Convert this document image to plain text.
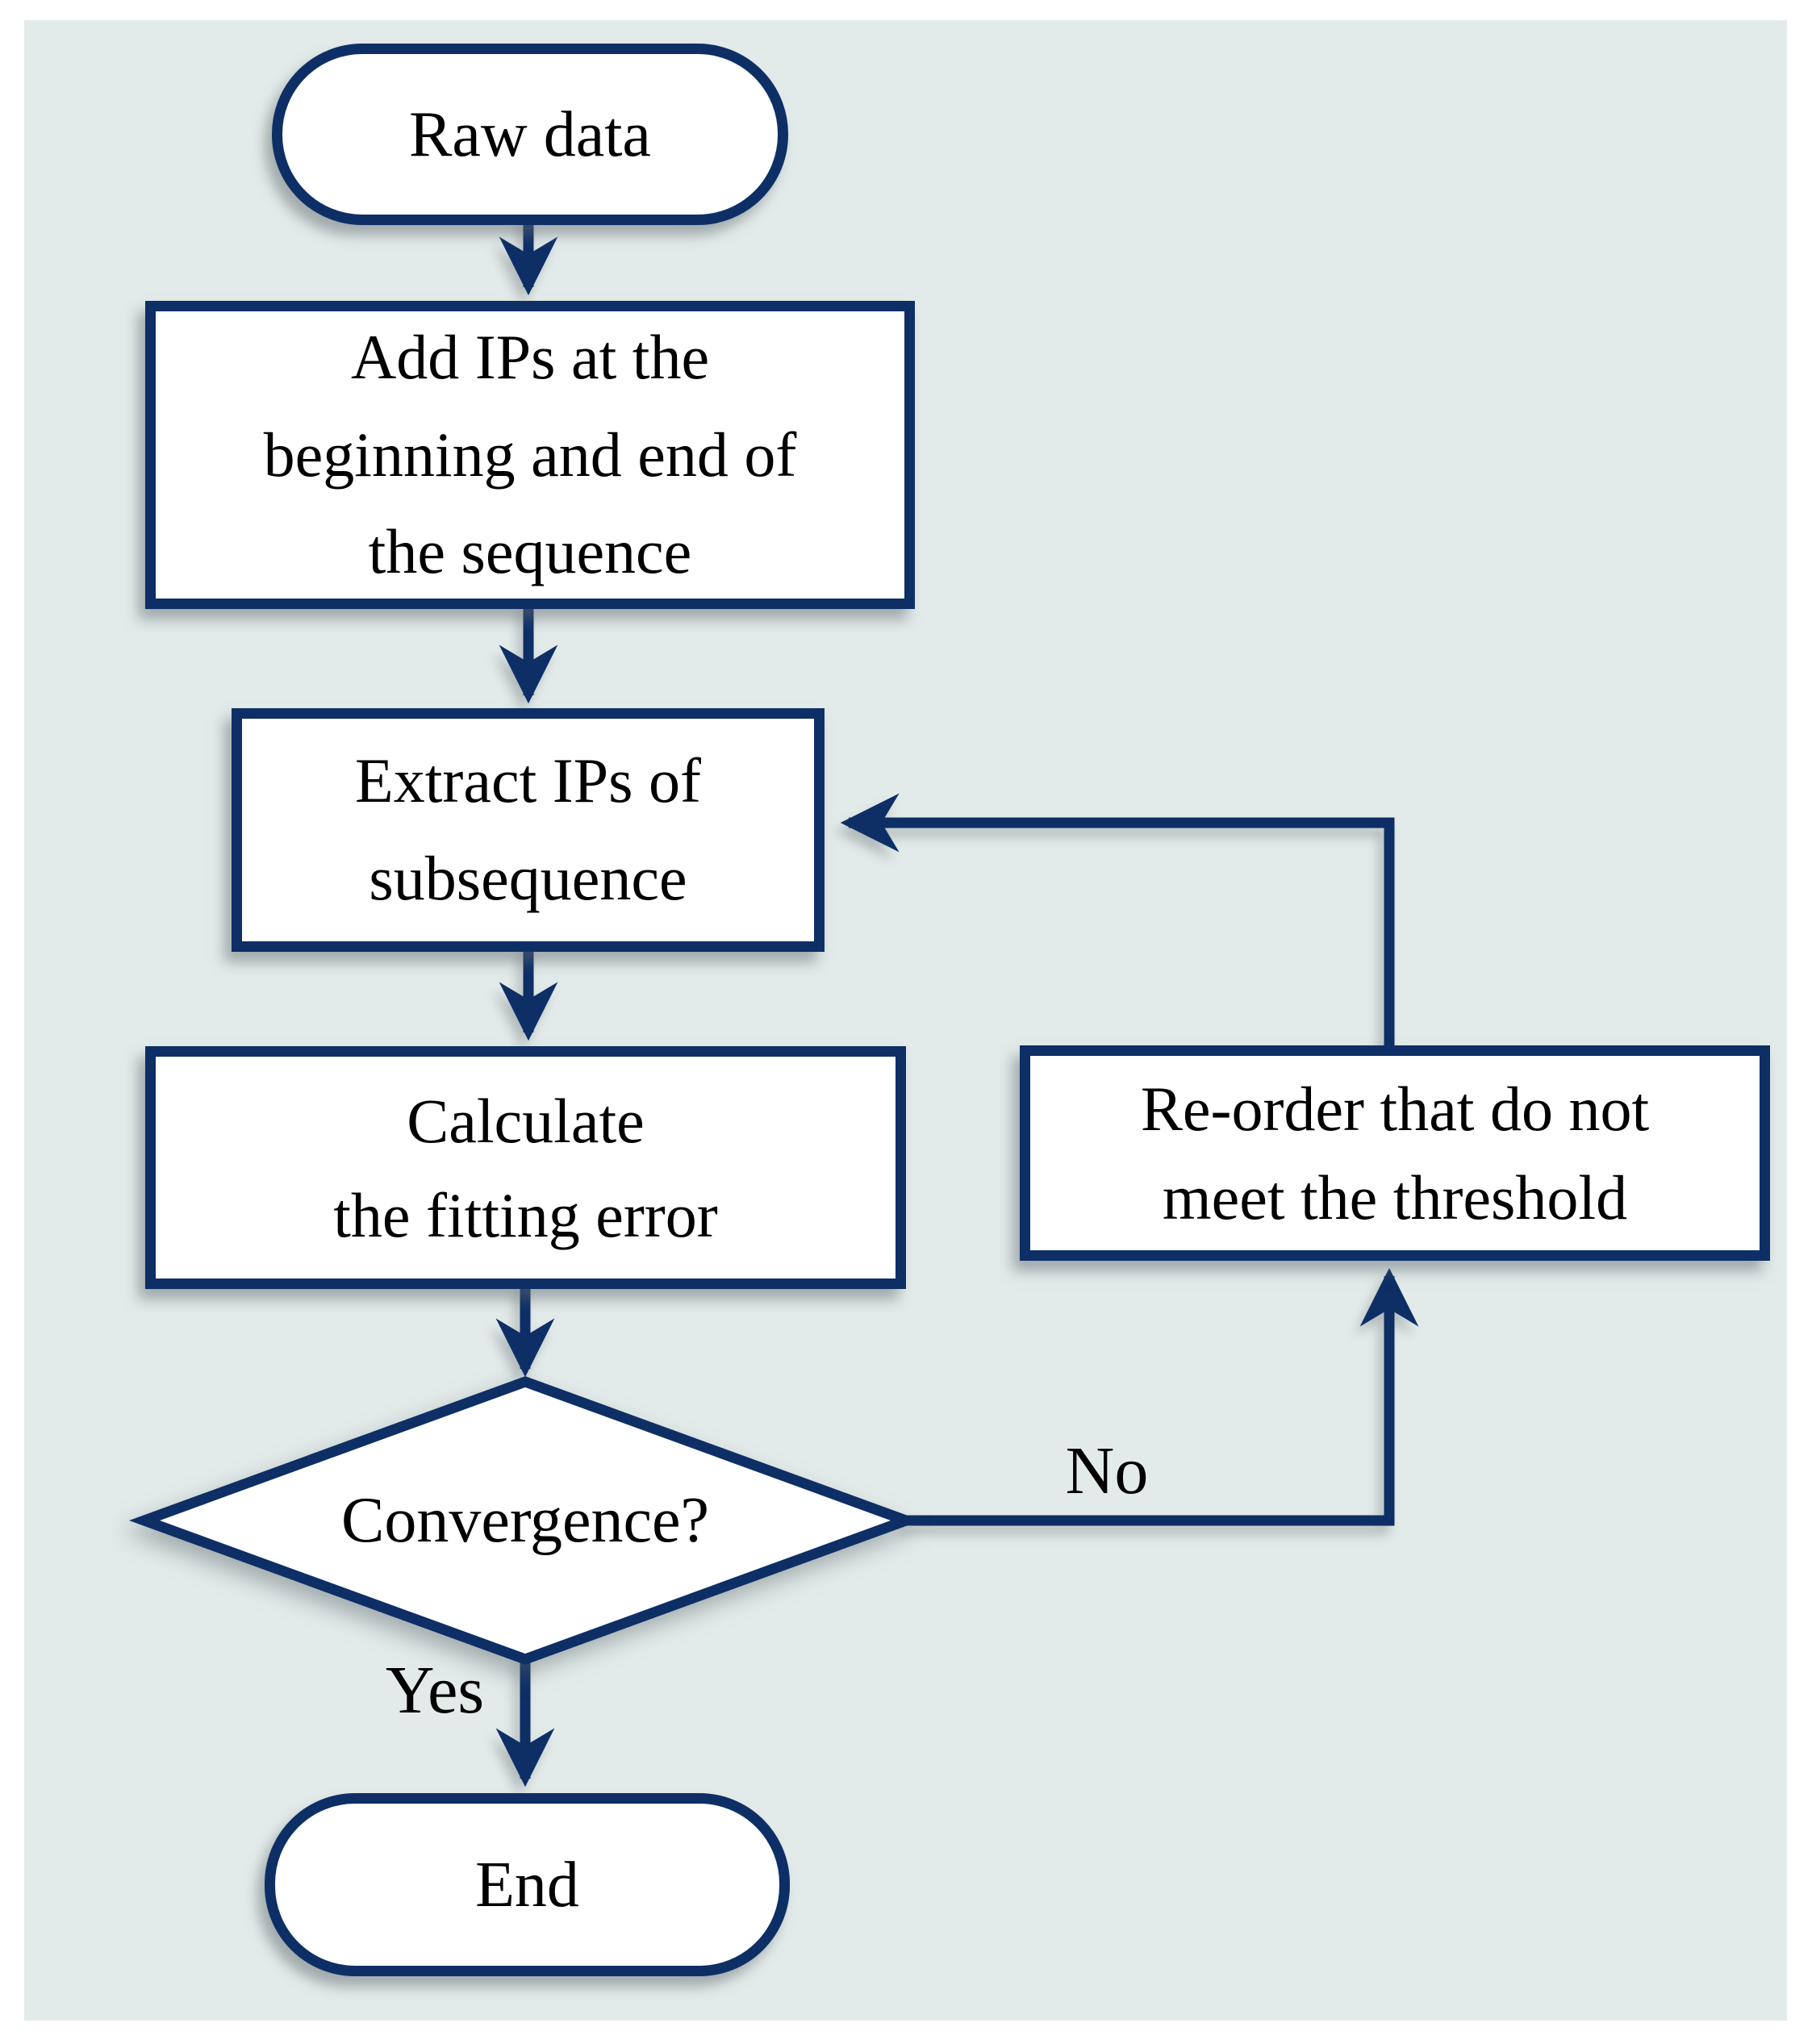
Raw data
Add IPs at the
beginning and end of
the sequence
Extract IPs of
subsequence
Calculate
the fitting error
Re-order that do not
meet the threshold
Convergence?
End
No
Yes
